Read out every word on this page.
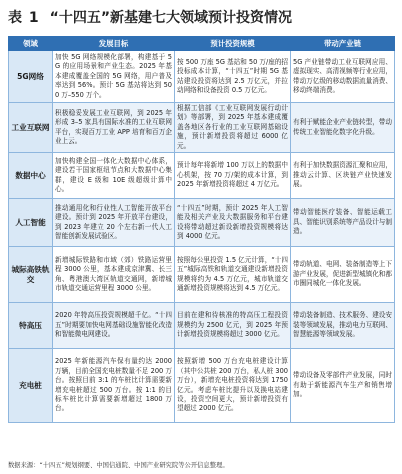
表 1 “十四五”新基建七大领域预计投资情况
领域	发展目标	预计投资规模	带动产业链
5G网络	加快 5G 网络规模化部署，构建基于 5G 的应用场景和产业生态。2025 年基本建成覆盖全国的 5G 网络，用户普及率达到 56%。预计 5G 基站将达到 500 万–550 万个。	按 500 万座 5G 基站和 50 万/座的招投标成本计算，“十四五”时期 5G 基站建设投资将达到 2.5 万亿元，并拉动网络和设备投资 0.5 万亿元。	5G 产业链带动工业互联网应用、虚拟现实、高清视频等行业应用，带动万亿级的移动数据流量消费、移动终端消费。
工业互联网	积极稳妥发展工业互联网，到 2025 年形成 3–5 家具有国际水准的工业互联网平台，实现百万工业 APP 培育和百万企业上云。	根据工信部《工业互联网发展行动计划》等部署，到 2025 年基本建成覆盖各地区各行业的工业互联网基础设施，预计新增投资将超过 6000 亿元。	有利于赋能企业产业链转型，带动传统工业智能化数字化升级。
数据中心	加快构建全国一体化大数据中心体系，建设若干国家枢纽节点和大数据中心集群，建设 E 级和 10E 级超级计算中心。	预计每年将新增 100 万以上的数据中心机架，按 70 万/架的成本计算，到 2025 年新增投资将超过 4 万亿元。	有利于加快数据资源汇聚和应用，推动云计算、区块链产业快速发展。
人工智能	推动通用化和行业性人工智能开放平台建设。预计到 2025 年开放平台建设，到 2023 年建立 20 个左右新一代人工智能创新发展试验区。	“十四五”时期，预计 2025 年人工智能及相关产业及大数据服务和平台建设将带动超过新设新增投资规模将达到 4000 亿元。	带动智能医疗装备、智能运载工具、智能识别系统等产品设计与制造。
城际高铁轨交	新增城际铁路和市域（郊）铁路运营里程 3000 公里，基本建成京津冀、长三角、粤港澳大湾区轨道交通网，新增城市轨道交通运营里程 3000 公里。	按照每公里投资 1.5 亿元计算，“十四五”城际高铁和轨道交通建设新增投资规模将约为 4.5 万亿元，城市轨道交通新增投资规模将达到 4.5 万亿元。	带动轨道、电网、装备制造等上下游产业发展，促进新型城镇化和都市圈同城化一体化发展。
特高压	2020 年特高压投资规模超千亿。“十四五”时期要加快电网基础设施智能化改造和智能微电网建设。	目前在建和待核准的特高压工程投资规模约为 2500 亿元，到 2025 年预计新增投资规模将超过 3000 亿元。	带动装备制造、技术服务、建设安装等领域发展，推动电力互联网、智慧能源等领域发展。
充电桩	2025 年新能源汽车保有量约达 2000 万辆，目前全国充电桩数量不足 200 万台。按照目前 3:1 的车桩比计算需要新增充电桩超过 500 万台。按 1:1 的目标车桩比计算需要新增超过 1800 万台。	按照新增 500 万台充电桩建设计算（其中公共桩 200 万台，私人桩 300 万台），新增充电桩投资将达到 1750 亿元。考虑车桩比提升以及换电站建设，投资空间更大，预计新增投资有望超过 2000 亿元。	带动设备及零部件产业发展，同时有助于新能源汽车生产和销售增加。
数据来源：“十四五”规划纲要、中国信通院、中国产业研究院等公开信息整理。
